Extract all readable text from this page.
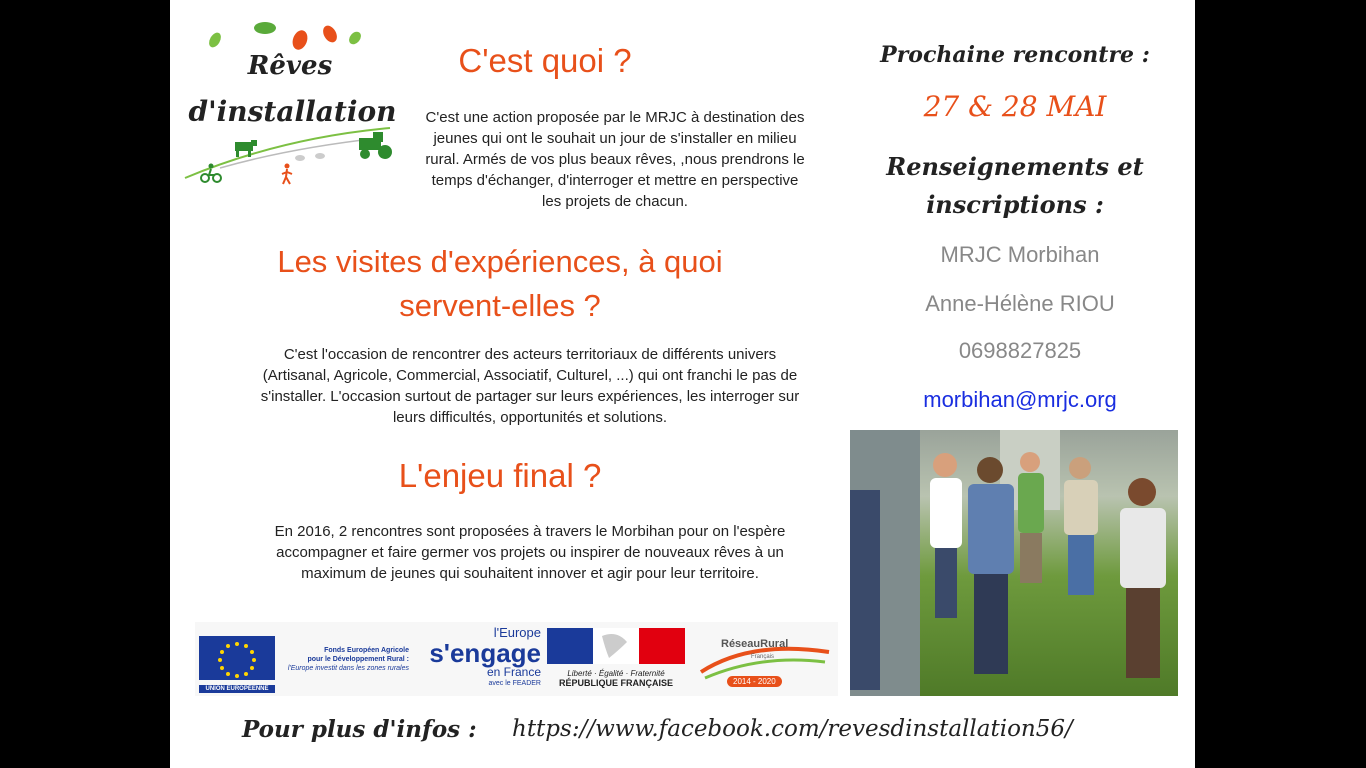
Rêves
d'installation
C'est quoi ?
C'est une action proposée par le MRJC à destination des
jeunes qui ont le souhait un jour de s'installer en milieu
rural. Armés de vos plus beaux rêves, ,nous prendrons le
temps d'échanger, d'interroger et mettre en perspective
les projets de chacun.
Les visites d'expériences, à quoi
servent-elles ?
C'est l'occasion de rencontrer des acteurs territoriaux de différents univers
(Artisanal, Agricole, Commercial, Associatif, Culturel, ...) qui ont franchi le pas de
s'installer. L'occasion surtout de partager sur leurs expériences, les interroger sur
leurs difficultés, opportunités et solutions.
L'enjeu final ?
En 2016, 2 rencontres sont proposées à travers le Morbihan pour on l'espère
accompagner et faire germer vos projets ou inspirer de nouveaux rêves à un
maximum de jeunes qui souhaitent innover et agir pour leur territoire.
Prochaine rencontre :
27 & 28 MAI
Renseignements et
inscriptions :
MRJC Morbihan
Anne-Hélène RIOU
0698827825
morbihan@mrjc.org
UNION EUROPÉENNE
Fonds Européen Agricole
pour le Développement Rural :
l'Europe investit dans les zones rurales
l'Europe
s'engage
en France
avec le FEADER
Liberté · Égalité · Fraternité
RÉPUBLIQUE FRANÇAISE
RéseauRural
Français
2014 - 2020
Pour plus d'infos :	https://www.facebook.com/revesdinstallation56/
